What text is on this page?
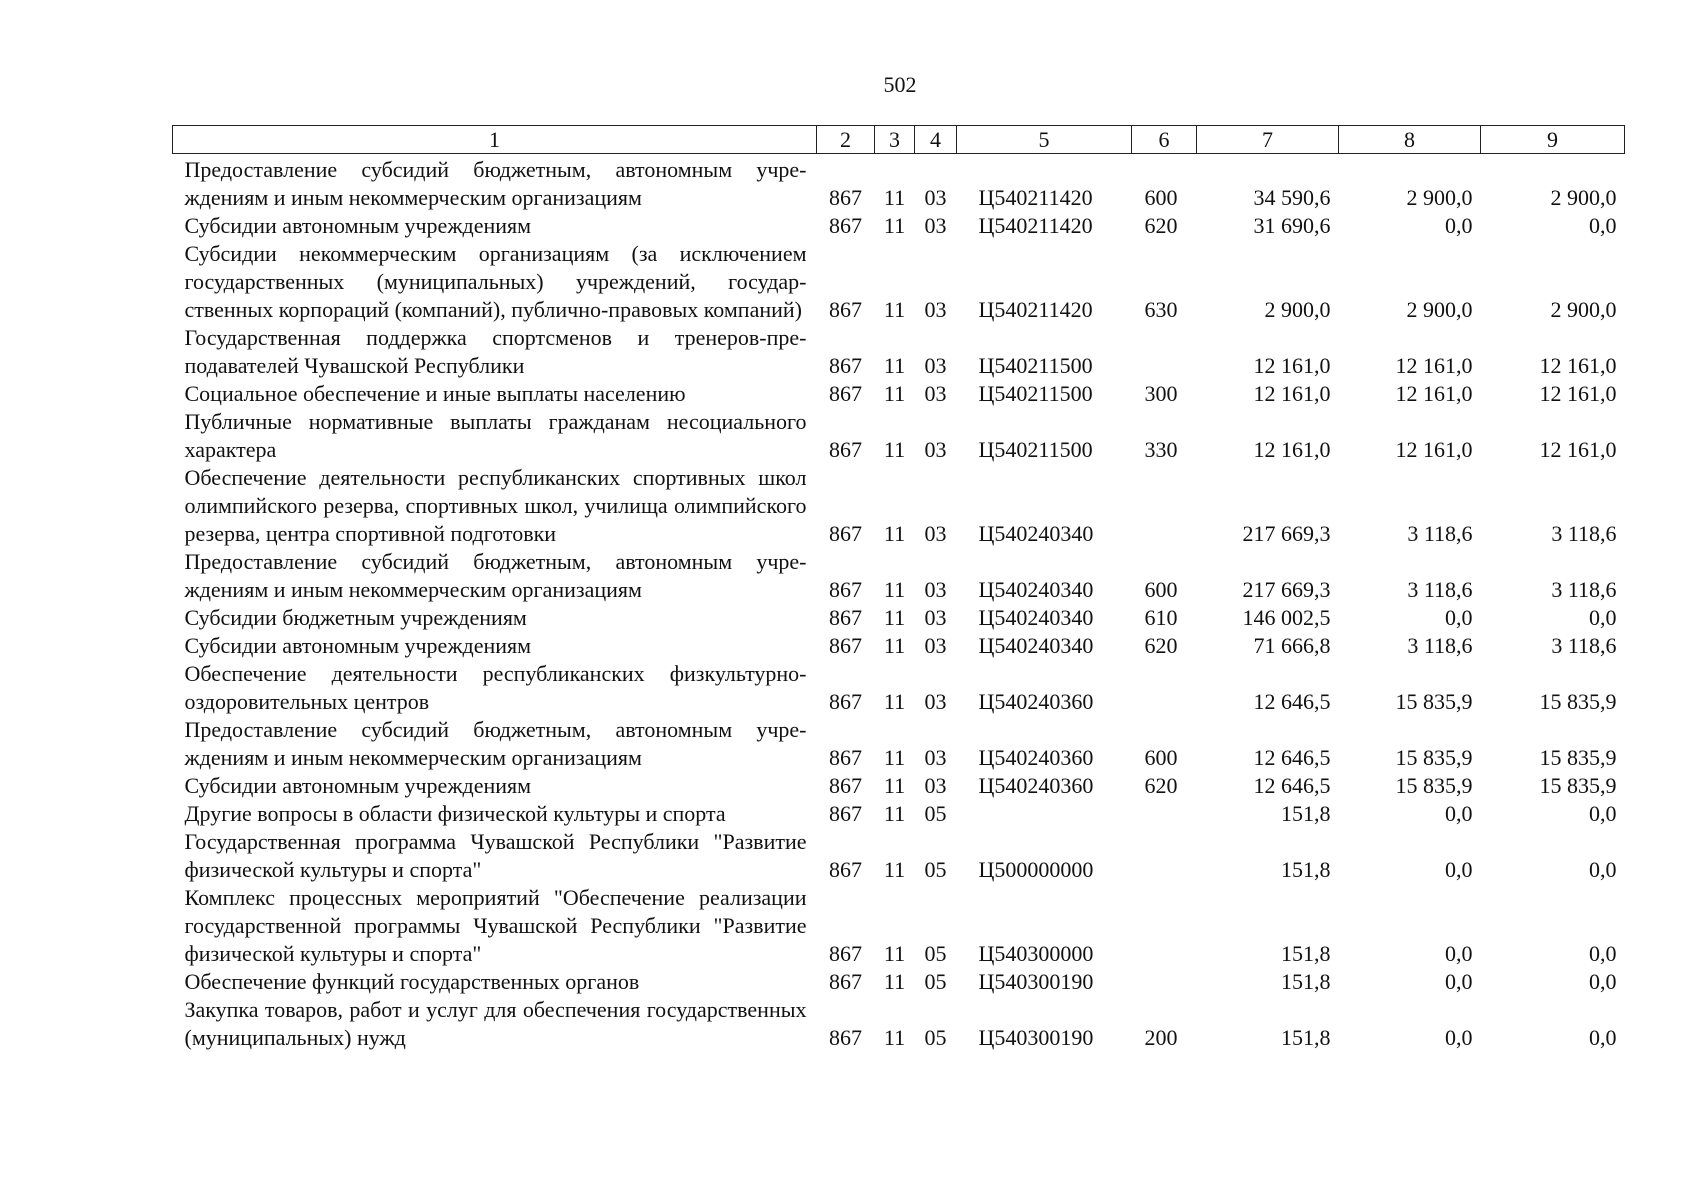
502
1	2	3	4	5	6	7	8	9
Предоставление субсидий бюджетным, автономным учреждениям и иным некоммерческим организациям	867	11	03	Ц540211420	600	34 590,6	2 900,0	2 900,0
Субсидии автономным учреждениям	867	11	03	Ц540211420	620	31 690,6	0,0	0,0
Субсидии некоммерческим организациям (за исключением государственных (муниципальных) учреждений, государственных корпораций (компаний), публично-правовых компаний)	867	11	03	Ц540211420	630	2 900,0	2 900,0	2 900,0
Государственная поддержка спортсменов и тренеров-преподавателей Чувашской Республики	867	11	03	Ц540211500		12 161,0	12 161,0	12 161,0
Социальное обеспечение и иные выплаты населению	867	11	03	Ц540211500	300	12 161,0	12 161,0	12 161,0
Публичные нормативные выплаты гражданам несоциального характера	867	11	03	Ц540211500	330	12 161,0	12 161,0	12 161,0
Обеспечение деятельности республиканских спортивных школ олимпийского резерва, спортивных школ, училища олимпийского резерва, центра спортивной подготовки	867	11	03	Ц540240340		217 669,3	3 118,6	3 118,6
Предоставление субсидий бюджетным, автономным учреждениям и иным некоммерческим организациям	867	11	03	Ц540240340	600	217 669,3	3 118,6	3 118,6
Субсидии бюджетным учреждениям	867	11	03	Ц540240340	610	146 002,5	0,0	0,0
Субсидии автономным учреждениям	867	11	03	Ц540240340	620	71 666,8	3 118,6	3 118,6
Обеспечение деятельности республиканских физкультурно-оздоровительных центров	867	11	03	Ц540240360		12 646,5	15 835,9	15 835,9
Предоставление субсидий бюджетным, автономным учреждениям и иным некоммерческим организациям	867	11	03	Ц540240360	600	12 646,5	15 835,9	15 835,9
Субсидии автономным учреждениям	867	11	03	Ц540240360	620	12 646,5	15 835,9	15 835,9
Другие вопросы в области физической культуры и спорта	867	11	05			151,8	0,0	0,0
Государственная программа Чувашской Республики "Развитие физической культуры и спорта"	867	11	05	Ц500000000		151,8	0,0	0,0
Комплекс процессных мероприятий "Обеспечение реализации государственной программы Чувашской Республики "Развитие физической культуры и спорта"	867	11	05	Ц540300000		151,8	0,0	0,0
Обеспечение функций государственных органов	867	11	05	Ц540300190		151,8	0,0	0,0
Закупка товаров, работ и услуг для обеспечения государственных (муниципальных) нужд	867	11	05	Ц540300190	200	151,8	0,0	0,0
